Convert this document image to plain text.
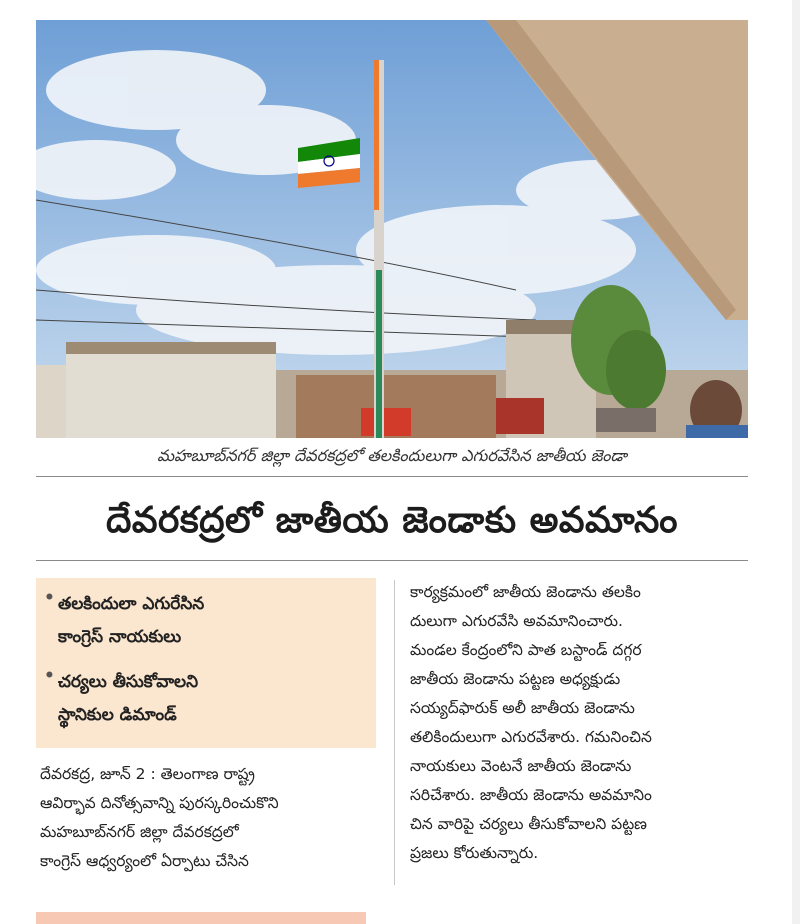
మహబూబ్‌నగర్ జిల్లా దేవరకద్రలో తలకిందులుగా ఎగురవేసిన జాతీయ జెండా
దేవరకద్రలో జాతీయ జెండాకు అవమానం
• తలకిందులా ఎగురేసిన
కాంగ్రెస్ నాయకులు
• చర్యలు తీసుకోవాలని
స్థానికుల డిమాండ్
దేవరకద్ర, జూన్ 2 : తెలంగాణ రాష్ట్ర
ఆవిర్భావ దినోత్సవాన్ని పురస్కరించుకొని
మహబూబ్‌నగర్ జిల్లా దేవరకద్రలో
కాంగ్రెస్ ఆధ్వర్యంలో ఏర్పాటు చేసిన
కార్యక్రమంలో జాతీయ జెండాను తలకిం
దులుగా ఎగురవేసి అవమానించారు.
మండల కేంద్రంలోని పాత బస్టాండ్ దగ్గర
జాతీయ జెండాను పట్టణ అధ్యక్షుడు
సయ్యద్‌ఫారుక్ అలీ జాతీయ జెండాను
తలికిందులుగా ఎగురవేశారు. గమనించిన
నాయకులు వెంటనే జాతీయ జెండాను
సరిచేశారు. జాతీయ జెండాను అవమానిం
చిన వారిపై చర్యలు తీసుకోవాలని పట్టణ
ప్రజలు కోరుతున్నారు.
